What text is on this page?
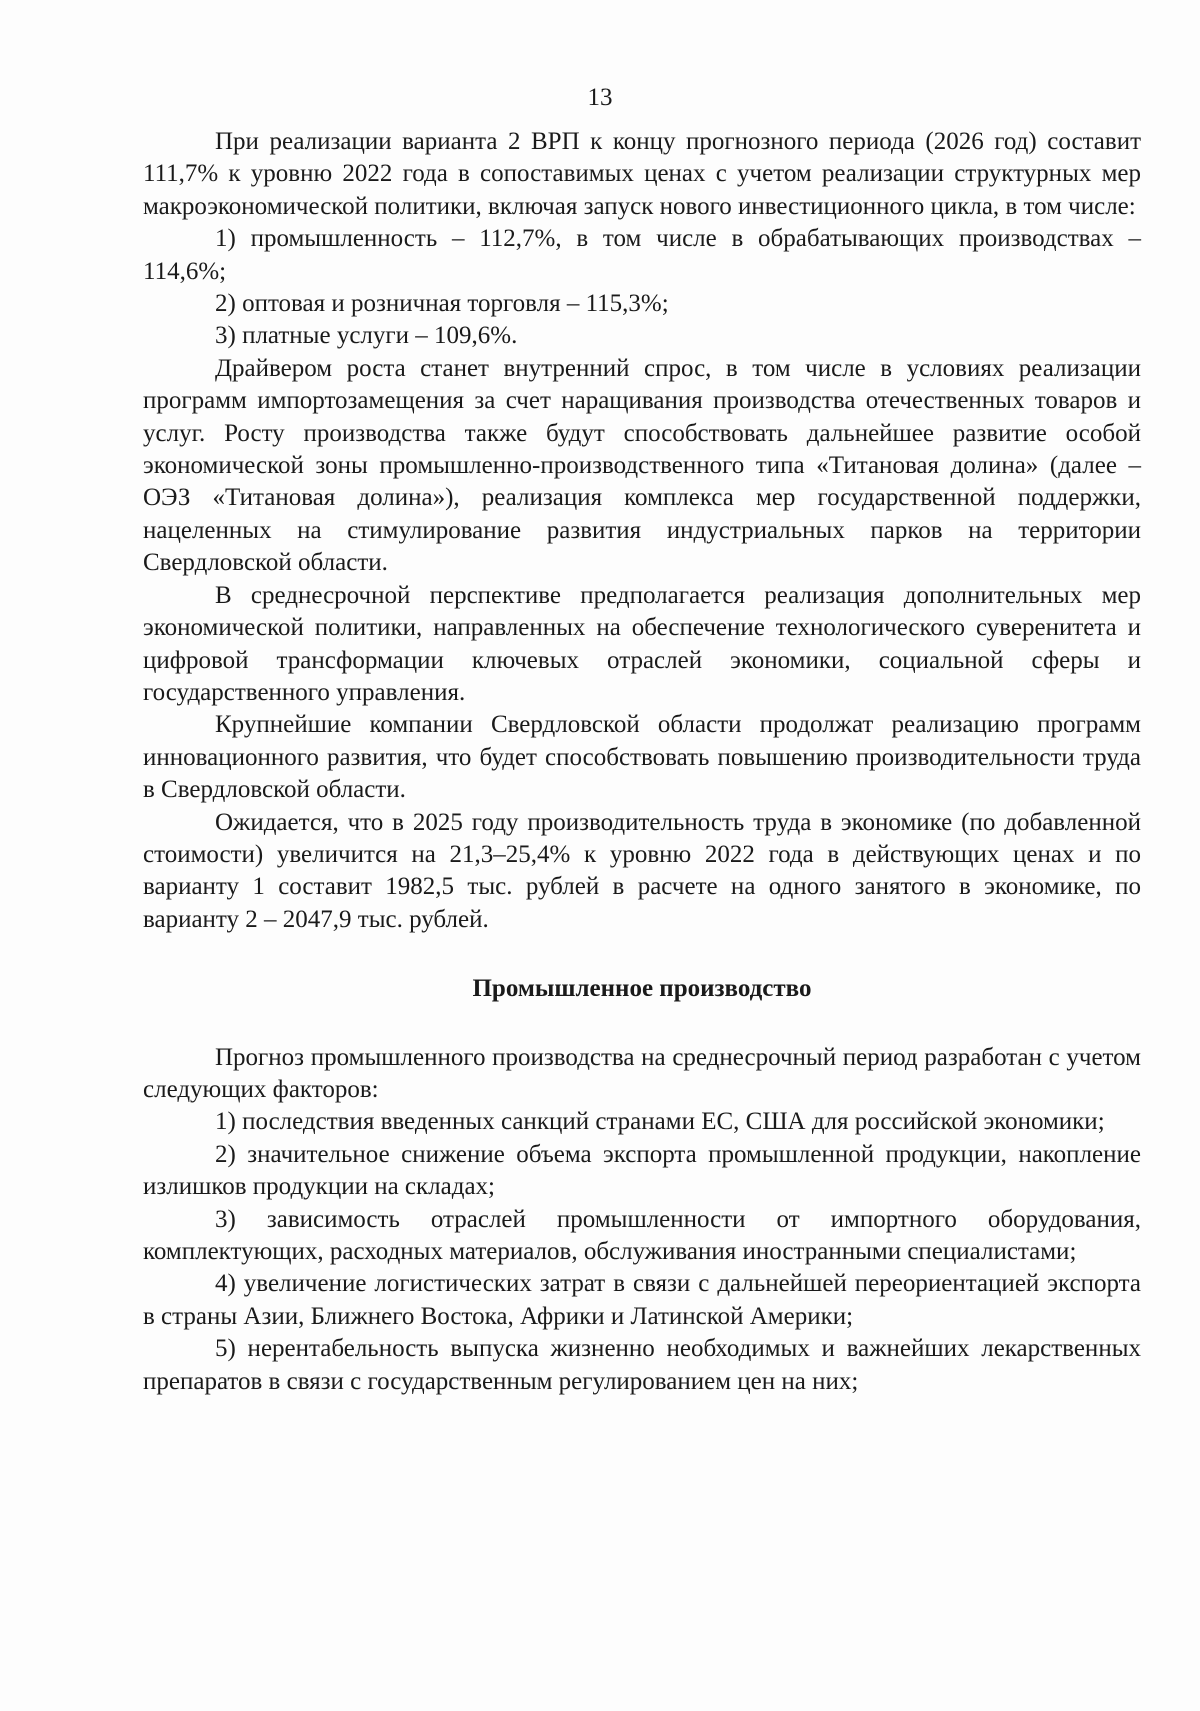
13

При реализации варианта 2 ВРП к концу прогнозного периода (2026 год) составит 111,7% к уровню 2022 года в сопоставимых ценах с учетом реализации структурных мер макроэкономической политики, включая запуск нового инвестиционного цикла, в том числе:

1) промышленность – 112,7%, в том числе в обрабатывающих производствах – 114,6%;

2) оптовая и розничная торговля – 115,3%;

3) платные услуги – 109,6%.

Драйвером роста станет внутренний спрос, в том числе в условиях реализации программ импортозамещения за счет наращивания производства отечественных товаров и услуг. Росту производства также будут способствовать дальнейшее развитие особой экономической зоны промышленно-производственного типа «Титановая долина» (далее – ОЭЗ «Титановая долина»), реализация комплекса мер государственной поддержки, нацеленных на стимулирование развития индустриальных парков на территории Свердловской области.

В среднесрочной перспективе предполагается реализация дополнительных мер экономической политики, направленных на обеспечение технологического суверенитета и цифровой трансформации ключевых отраслей экономики, социальной сферы и государственного управления.

Крупнейшие компании Свердловской области продолжат реализацию программ инновационного развития, что будет способствовать повышению производительности труда в Свердловской области.

Ожидается, что в 2025 году производительность труда в экономике (по добавленной стоимости) увеличится на 21,3–25,4% к уровню 2022 года в действующих ценах и по варианту 1 составит 1982,5 тыс. рублей в расчете на одного занятого в экономике, по варианту 2 – 2047,9 тыс. рублей.

Промышленное производство

Прогноз промышленного производства на среднесрочный период разработан с учетом следующих факторов:

1) последствия введенных санкций странами ЕС, США для российской экономики;

2) значительное снижение объема экспорта промышленной продукции, накопление излишков продукции на складах;

3) зависимость отраслей промышленности от импортного оборудования, комплектующих, расходных материалов, обслуживания иностранными специалистами;

4) увеличение логистических затрат в связи с дальнейшей переориентацией экспорта в страны Азии, Ближнего Востока, Африки и Латинской Америки;

5) нерентабельность выпуска жизненно необходимых и важнейших лекарственных препаратов в связи с государственным регулированием цен на них;
